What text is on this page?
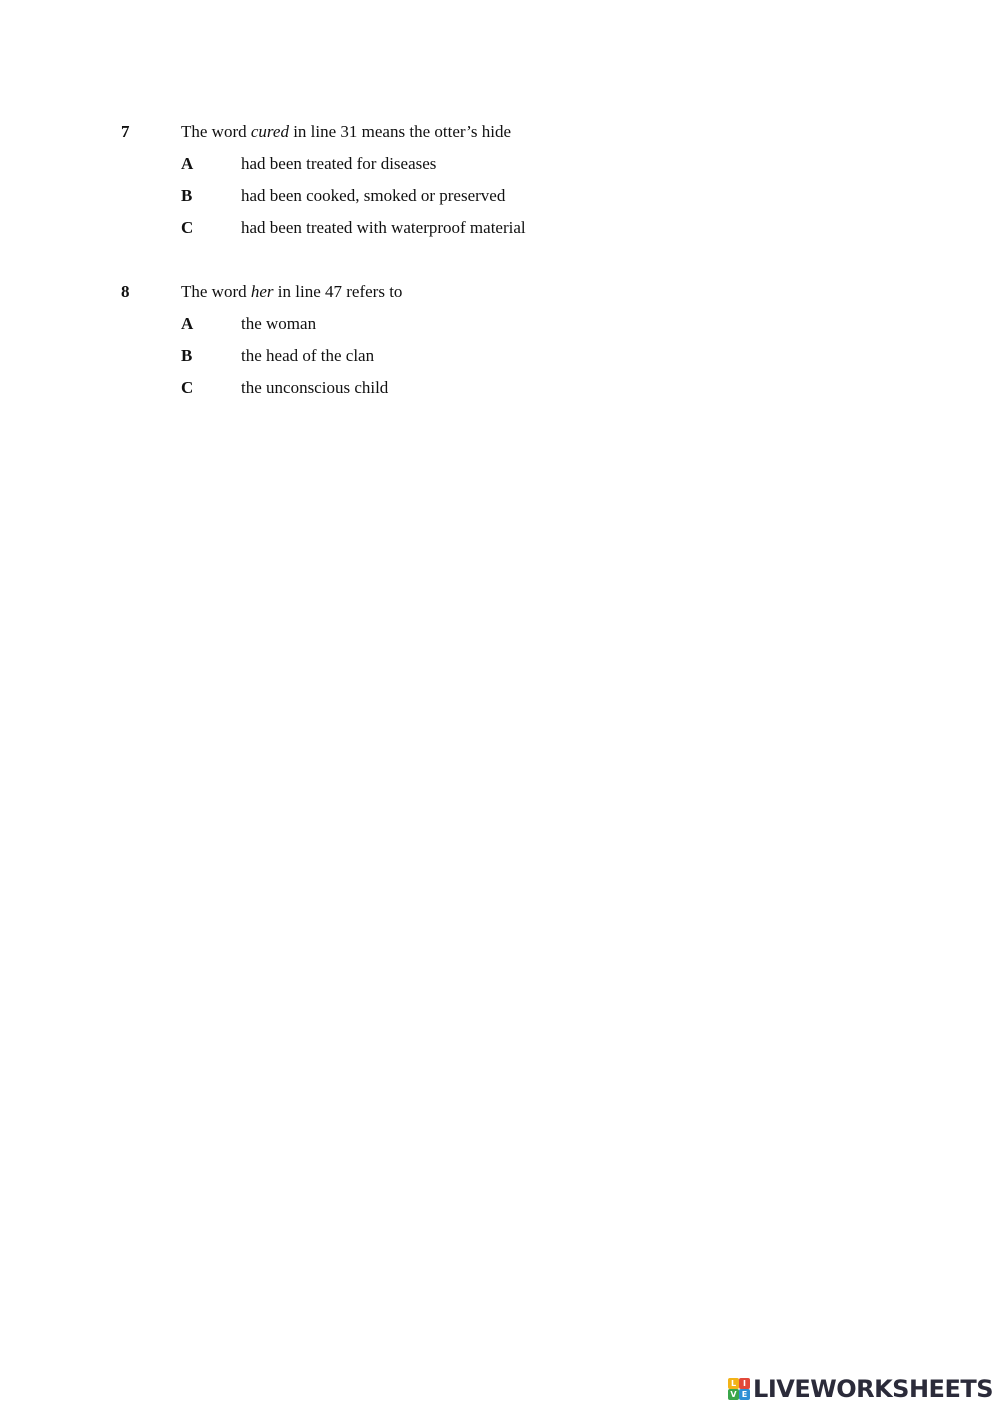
7	The word cured in line 31 means the otter’s hide
A	had been treated for diseases
B	had been cooked, smoked or preserved
C	had been treated with waterproof material
8	The word her in line 47 refers to
A	the woman
B	the head of the clan
C	the unconscious child
L I
V E LIVEWORKSHEETS
